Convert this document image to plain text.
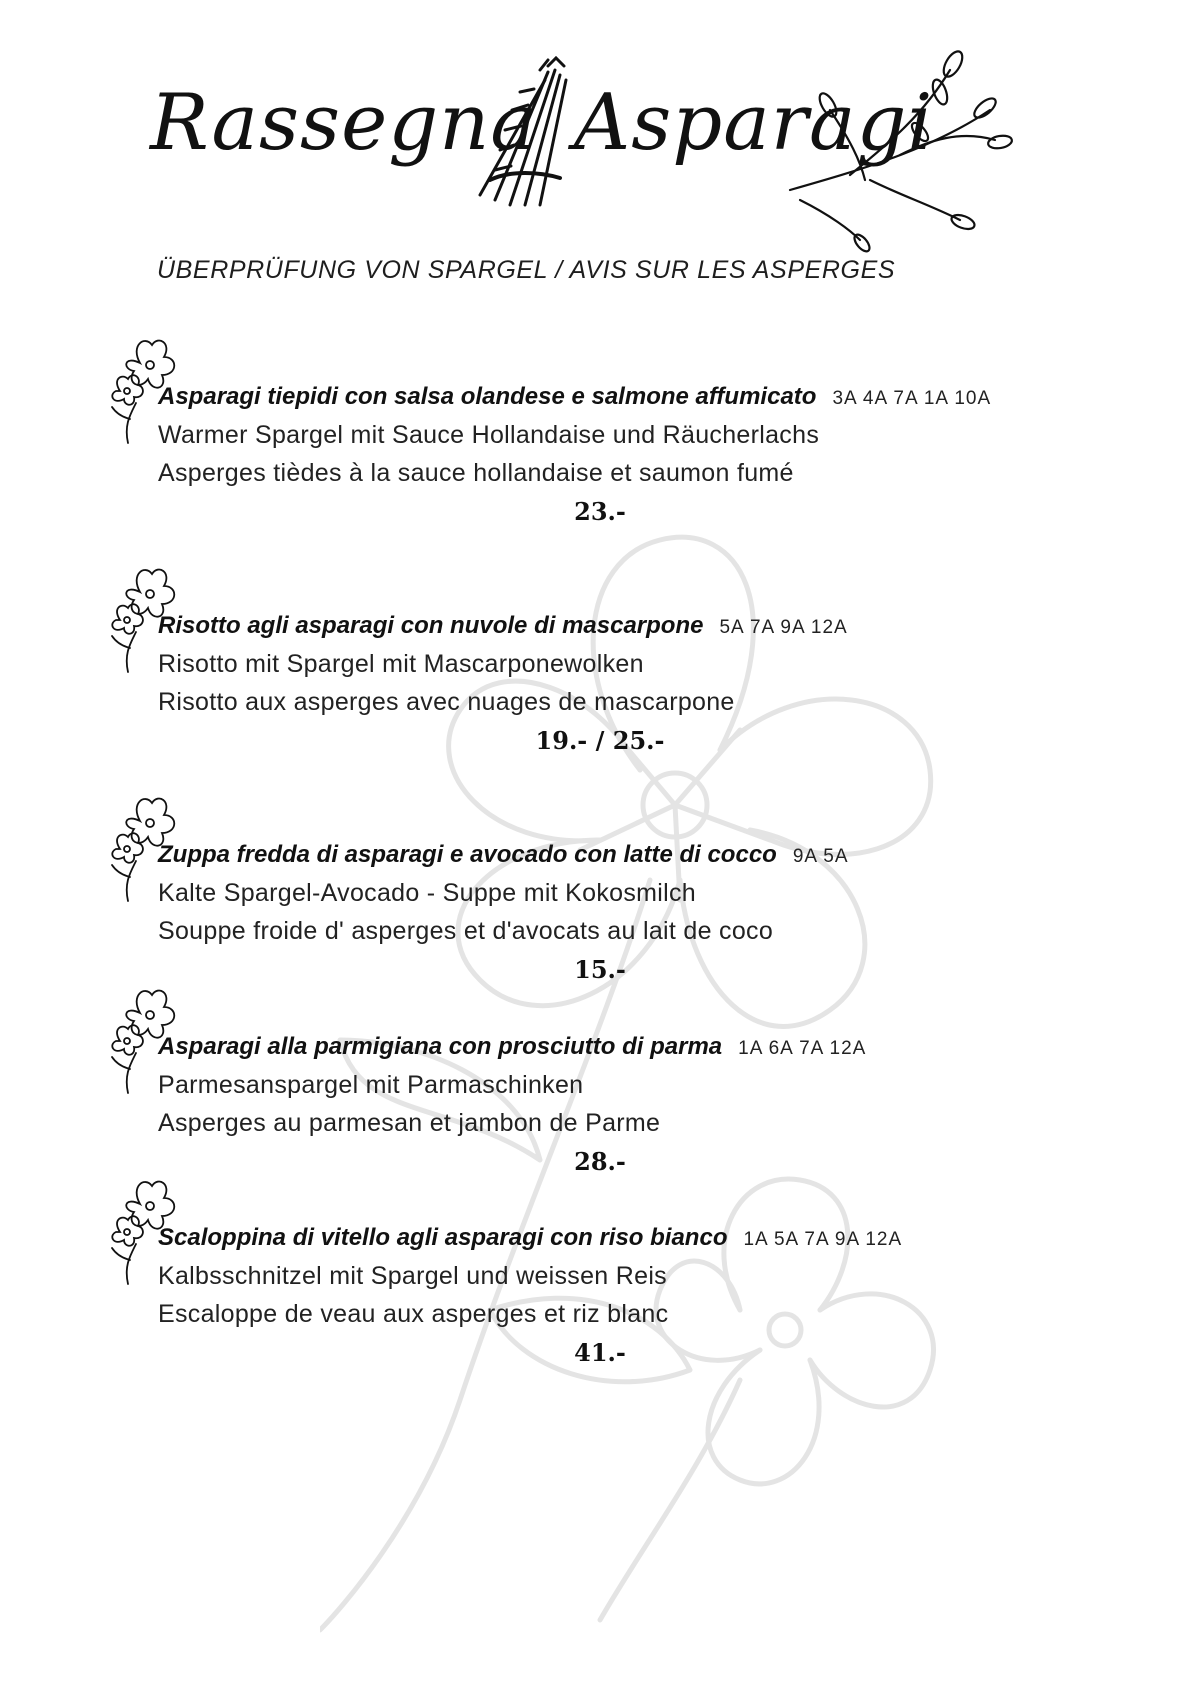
Rassegna Asparagi
ÜBERPRÜFUNG VON SPARGEL / AVIS SUR LES ASPERGES
Asparagi tiepidi con salsa olandese e salmone affumicato 3A 4A 7A 1A 10A
Warmer Spargel mit Sauce Hollandaise und Räucherlachs
Asperges tièdes à la sauce hollandaise et saumon fumé
23.-
Risotto agli asparagi con nuvole di mascarpone 5A 7A 9A 12A
Risotto mit Spargel mit Mascarponewolken
Risotto aux asperges avec nuages de mascarpone
19.- / 25.-
Zuppa fredda di asparagi e avocado con latte di cocco 9A 5A
Kalte Spargel-Avocado - Suppe mit Kokosmilch
Souppe froide d' asperges et d'avocats au lait de coco
15.-
Asparagi alla parmigiana con prosciutto di parma 1A 6A 7A 12A
Parmesanspargel mit Parmaschinken
Asperges au parmesan et jambon de Parme
28.-
Scaloppina di vitello agli asparagi con riso bianco 1A 5A 7A 9A 12A
Kalbsschnitzel mit Spargel und weissen Reis
Escaloppe de veau aux asperges et riz blanc
41.-
